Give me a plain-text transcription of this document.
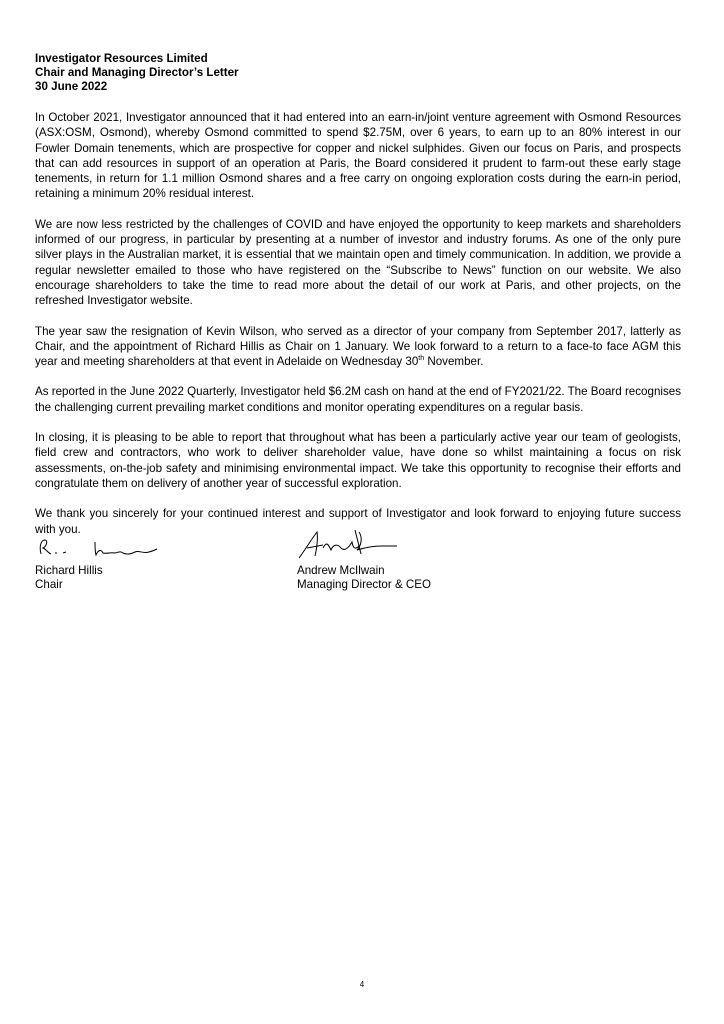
Investigator Resources Limited
Chair and Managing Director’s Letter
30 June 2022

In October 2021, Investigator announced that it had entered into an earn-in/joint venture agreement with Osmond Resources (ASX:OSM, Osmond), whereby Osmond committed to spend $2.75M, over 6 years, to earn up to an 80% interest in our Fowler Domain tenements, which are prospective for copper and nickel sulphides. Given our focus on Paris, and prospects that can add resources in support of an operation at Paris, the Board considered it prudent to farm-out these early stage tenements, in return for 1.1 million Osmond shares and a free carry on ongoing exploration costs during the earn-in period, retaining a minimum 20% residual interest.

We are now less restricted by the challenges of COVID and have enjoyed the opportunity to keep markets and shareholders informed of our progress, in particular by presenting at a number of investor and industry forums. As one of the only pure silver plays in the Australian market, it is essential that we maintain open and timely communication. In addition, we provide a regular newsletter emailed to those who have registered on the “Subscribe to News” function on our website. We also encourage shareholders to take the time to read more about the detail of our work at Paris, and other projects, on the refreshed Investigator website.

The year saw the resignation of Kevin Wilson, who served as a director of your company from September 2017, latterly as Chair, and the appointment of Richard Hillis as Chair on 1 January. We look forward to a return to a face-to face AGM this year and meeting shareholders at that event in Adelaide on Wednesday 30th November.

As reported in the June 2022 Quarterly, Investigator held $6.2M cash on hand at the end of FY2021/22. The Board recognises the challenging current prevailing market conditions and monitor operating expenditures on a regular basis.

In closing, it is pleasing to be able to report that throughout what has been a particularly active year our team of geologists, field crew and contractors, who work to deliver shareholder value, have done so whilst maintaining a focus on risk assessments, on-the-job safety and minimising environmental impact. We take this opportunity to recognise their efforts and congratulate them on delivery of another year of successful exploration.

We thank you sincerely for your continued interest and support of Investigator and look forward to enjoying future success with you.

Richard Hillis
Chair
Andrew McIlwain
Managing Director & CEO
4
